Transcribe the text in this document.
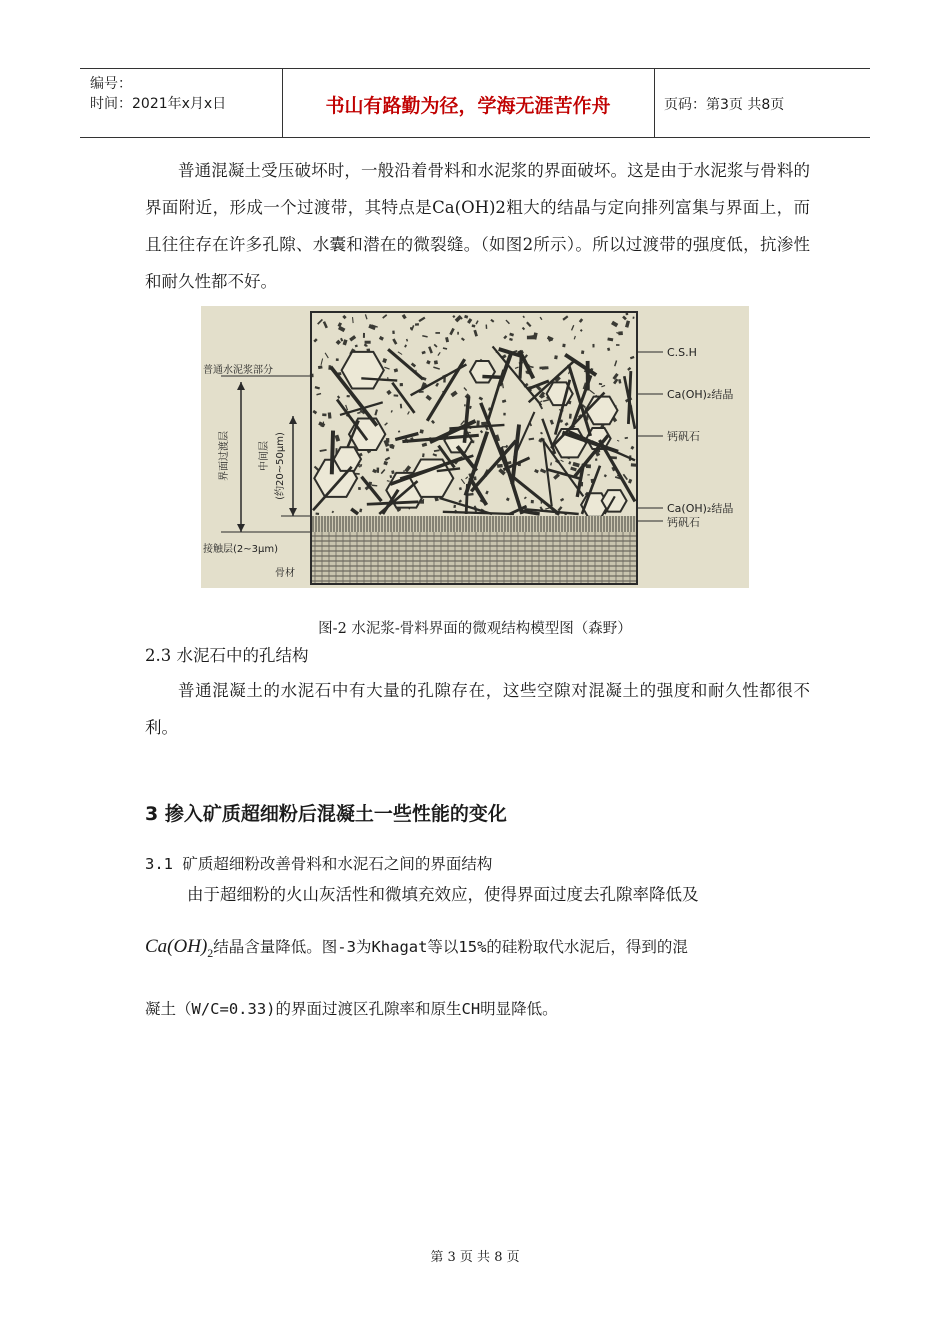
编号：
时间：2021年x月x日	书山有路勤为径，学海无涯苦作舟	页码：第3页 共8页
普通混凝土受压破坏时，一般沿着骨料和水泥浆的界面破坏。这是由于水泥浆与骨料的界面附近，形成一个过渡带，其特点是Ca(OH)2粗大的结晶与定向排列富集与界面上，而且往往存在许多孔隙、水囊和潜在的微裂缝。（如图2所示）。所以过渡带的强度低，抗渗性和耐久性都不好。
C.S.H
Ca(OH)₂结晶
钙矾石
Ca(OH)₂结晶
钙矾石
普通水泥浆部分
界面过渡层	中间层 (约20~50μm)
接触层(2~3μm)
骨材
图-2 水泥浆-骨料界面的微观结构模型图（森野）
2.3 水泥石中的孔结构
普通混凝土的水泥石中有大量的孔隙存在，这些空隙对混凝土的强度和耐久性都很不利。
3 掺入矿质超细粉后混凝土一些性能的变化
3.1 矿质超细粉改善骨料和水泥石之间的界面结构
由于超细粉的火山灰活性和微填充效应，使得界面过度去孔隙率降低及
$Ca(OH)_2$结晶含量降低。图-3为Khagat等以15%的硅粉取代水泥后，得到的混
凝土（W/C=0.33)的界面过渡区孔隙率和原生CH明显降低。
第 3 页 共 8 页
